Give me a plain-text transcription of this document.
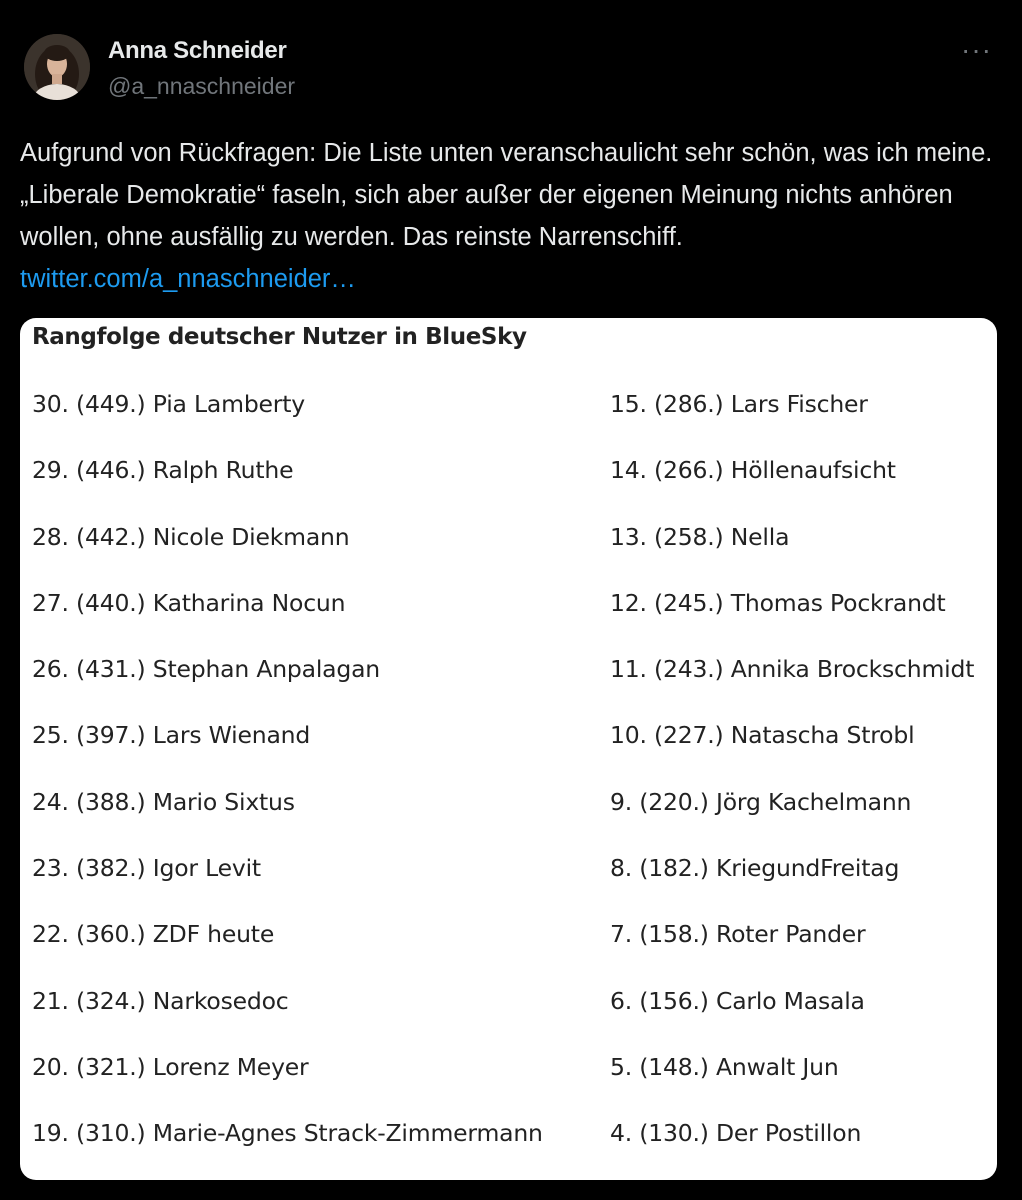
Anna Schneider
@a_nnaschneider
···
Aufgrund von Rückfragen: Die Liste unten veranschaulicht sehr schön, was ich meine. „Liberale Demokratie“ faseln, sich aber außer der eigenen Meinung nichts anhören wollen, ohne ausfällig zu werden. Das reinste Narrenschiff. twitter.com/a_nnaschneider…
Rangfolge deutscher Nutzer in BlueSky
30. (449.) Pia Lamberty
29. (446.) Ralph Ruthe
28. (442.) Nicole Diekmann
27. (440.) Katharina Nocun
26. (431.) Stephan Anpalagan
25. (397.) Lars Wienand
24. (388.) Mario Sixtus
23. (382.) Igor Levit
22. (360.) ZDF heute
21. (324.) Narkosedoc
20. (321.) Lorenz Meyer
19. (310.) Marie-Agnes Strack-Zimmermann
15. (286.) Lars Fischer
14. (266.) Höllenaufsicht
13. (258.) Nella
12. (245.) Thomas Pockrandt
11. (243.) Annika Brockschmidt
10. (227.) Natascha Strobl
9. (220.) Jörg Kachelmann
8. (182.) KriegundFreitag
7. (158.) Roter Pander
6. (156.) Carlo Masala
5. (148.) Anwalt Jun
4. (130.) Der Postillon
